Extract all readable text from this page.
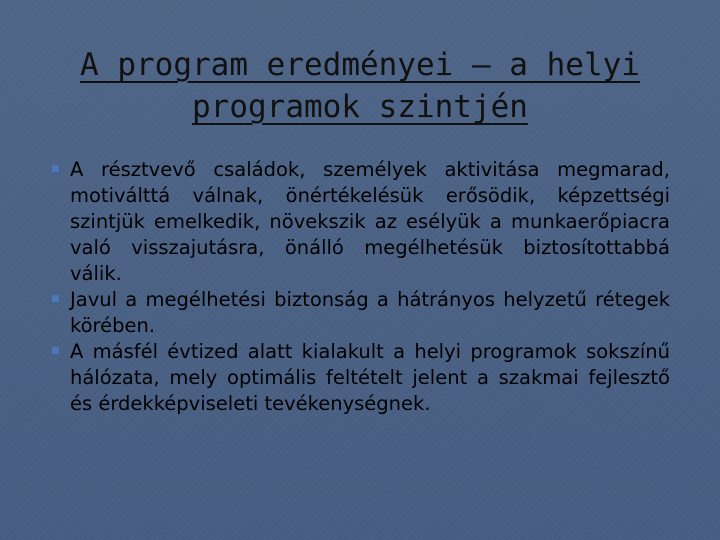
A program eredményei – a helyi
programok szintjén
A résztvevő családok, személyek aktivitása megmarad, motiválttá válnak, önértékelésük erősödik, képzettségi szintjük emelkedik, növekszik az esélyük a munkaerőpiacra való visszajutásra, önálló megélhetésük biztosítottabbá válik.
Javul a megélhetési biztonság a hátrányos helyzetű rétegek körében.
A másfél évtized alatt kialakult a helyi programok sokszínű hálózata, mely optimális feltételt jelent a szakmai fejlesztő és érdekképviseleti tevékenységnek.
